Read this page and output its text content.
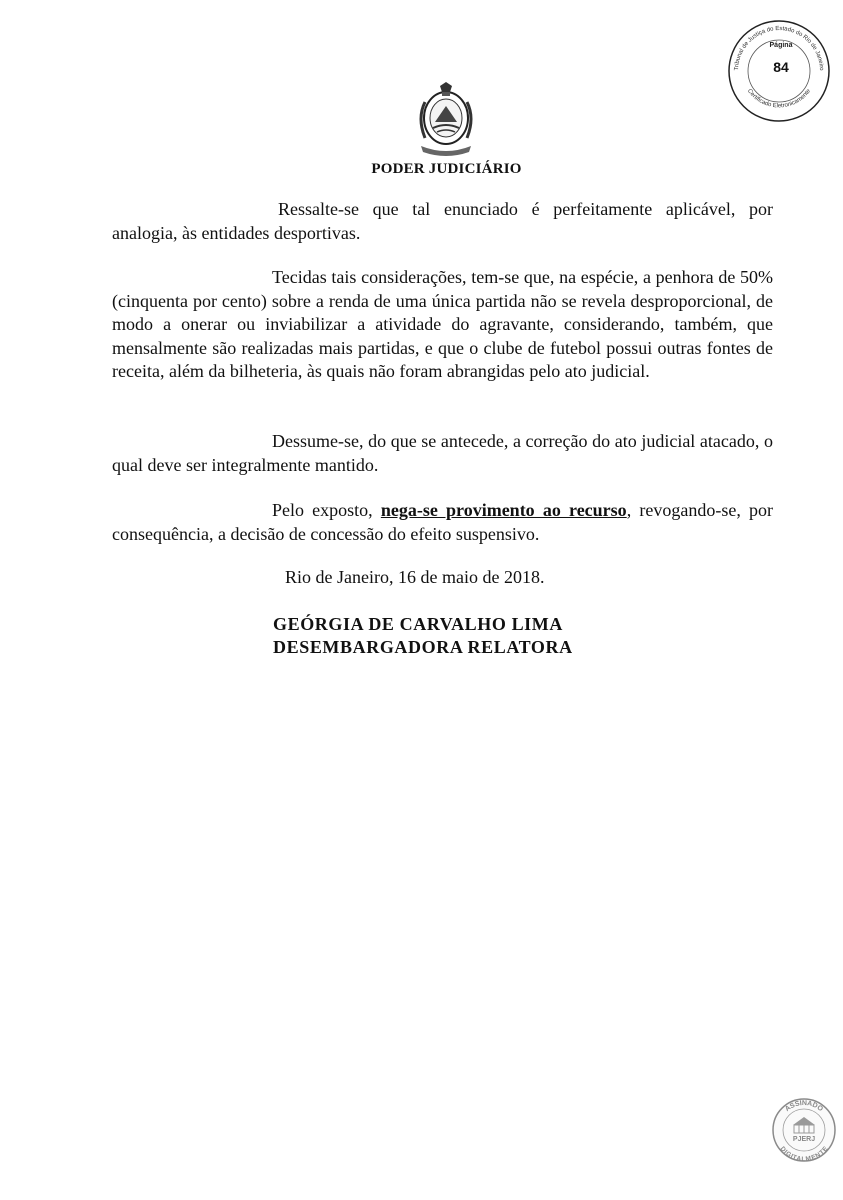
PODER JUDICIÁRIO
Tribunal de Justiça do Estado do Rio de Janeiro
Certificado Eletronicamente
Página
84

Ressalte-se que tal enunciado é perfeitamente aplicável, por analogia, às entidades desportivas.

Tecidas tais considerações, tem-se que, na espécie, a penhora de 50% (cinquenta por cento) sobre a renda de uma única partida não se revela desproporcional, de modo a onerar ou inviabilizar a atividade do agravante, considerando, também, que mensalmente são realizadas mais partidas, e que o clube de futebol possui outras fontes de receita, além da bilheteria, às quais não foram abrangidas pelo ato judicial.

Dessume-se, do que se antecede, a correção do ato judicial atacado, o qual deve ser integralmente mantido.

Pelo exposto, nega-se provimento ao recurso, revogando-se, por consequência, a decisão de concessão do efeito suspensivo.

Rio de Janeiro, 16 de maio de 2018.
GEÓRGIA DE CARVALHO LIMA
DESEMBARGADORA RELATORA
ASSINADO
DIGITALMENTE
PJERJ
